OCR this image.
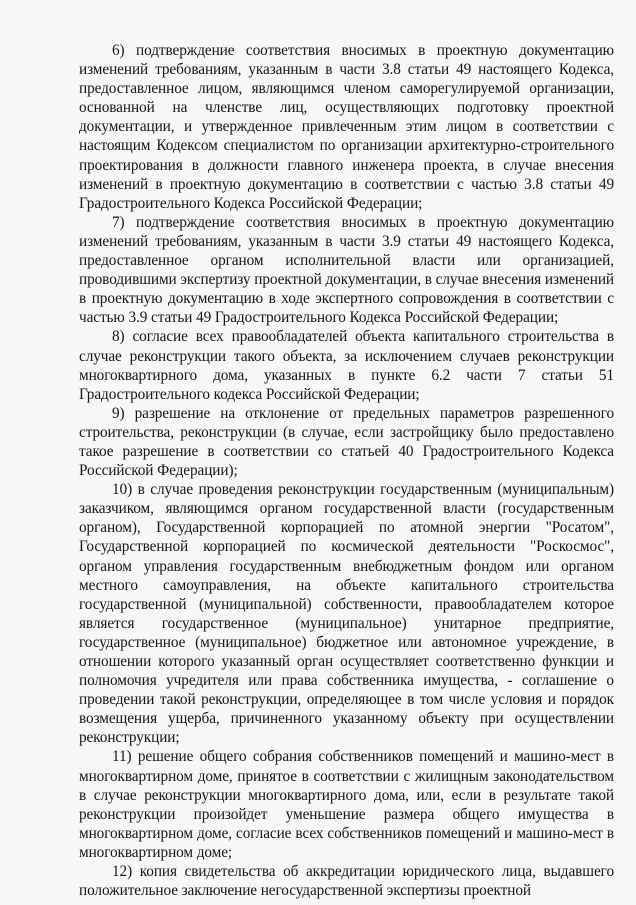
6) подтверждение соответствия вносимых в проектную документацию изменений требованиям, указанным в части 3.8 статьи 49 настоящего Кодекса, предоставленное лицом, являющимся членом саморегулируемой организации, основанной на членстве лиц, осуществляющих подготовку проектной документации, и утвержденное привлеченным этим лицом в соответствии с настоящим Кодексом специалистом по организации архитектурно-строительного проектирования в должности главного инженера проекта, в случае внесения изменений в проектную документацию в соответствии с частью 3.8 статьи 49 Градостроительного Кодекса Российской Федерации;

7) подтверждение соответствия вносимых в проектную документацию изменений требованиям, указанным в части 3.9 статьи 49 настоящего Кодекса, предоставленное органом исполнительной власти или организацией, проводившими экспертизу проектной документации, в случае внесения изменений в проектную документацию в ходе экспертного сопровождения в соответствии с частью 3.9 статьи 49 Градостроительного Кодекса Российской Федерации;

8) согласие всех правообладателей объекта капитального строительства в случае реконструкции такого объекта, за исключением случаев реконструкции многоквартирного дома, указанных в пункте 6.2 части 7 статьи 51 Градостроительного кодекса Российской Федерации;

9) разрешение на отклонение от предельных параметров разрешенного строительства, реконструкции (в случае, если застройщику было предоставлено такое разрешение в соответствии со статьей 40 Градостроительного Кодекса Российской Федерации);

10) в случае проведения реконструкции государственным (муниципальным) заказчиком, являющимся органом государственной власти (государственным органом), Государственной корпорацией по атомной энергии "Росатом", Государственной корпорацией по космической деятельности "Роскосмос", органом управления государственным внебюджетным фондом или органом местного самоуправления, на объекте капитального строительства государственной (муниципальной) собственности, правообладателем которое является государственное (муниципальное) унитарное предприятие, государственное (муниципальное) бюджетное или автономное учреждение, в отношении которого указанный орган осуществляет соответственно функции и полномочия учредителя или права собственника имущества, - соглашение о проведении такой реконструкции, определяющее в том числе условия и порядок возмещения ущерба, причиненного указанному объекту при осуществлении реконструкции;

11) решение общего собрания собственников помещений и машино-мест в многоквартирном доме, принятое в соответствии с жилищным законодательством в случае реконструкции многоквартирного дома, или, если в результате такой реконструкции произойдет уменьшение размера общего имущества в многоквартирном доме, согласие всех собственников помещений и машино-мест в многоквартирном доме;

12) копия свидетельства об аккредитации юридического лица, выдавшего положительное заключение негосударственной экспертизы проектной
